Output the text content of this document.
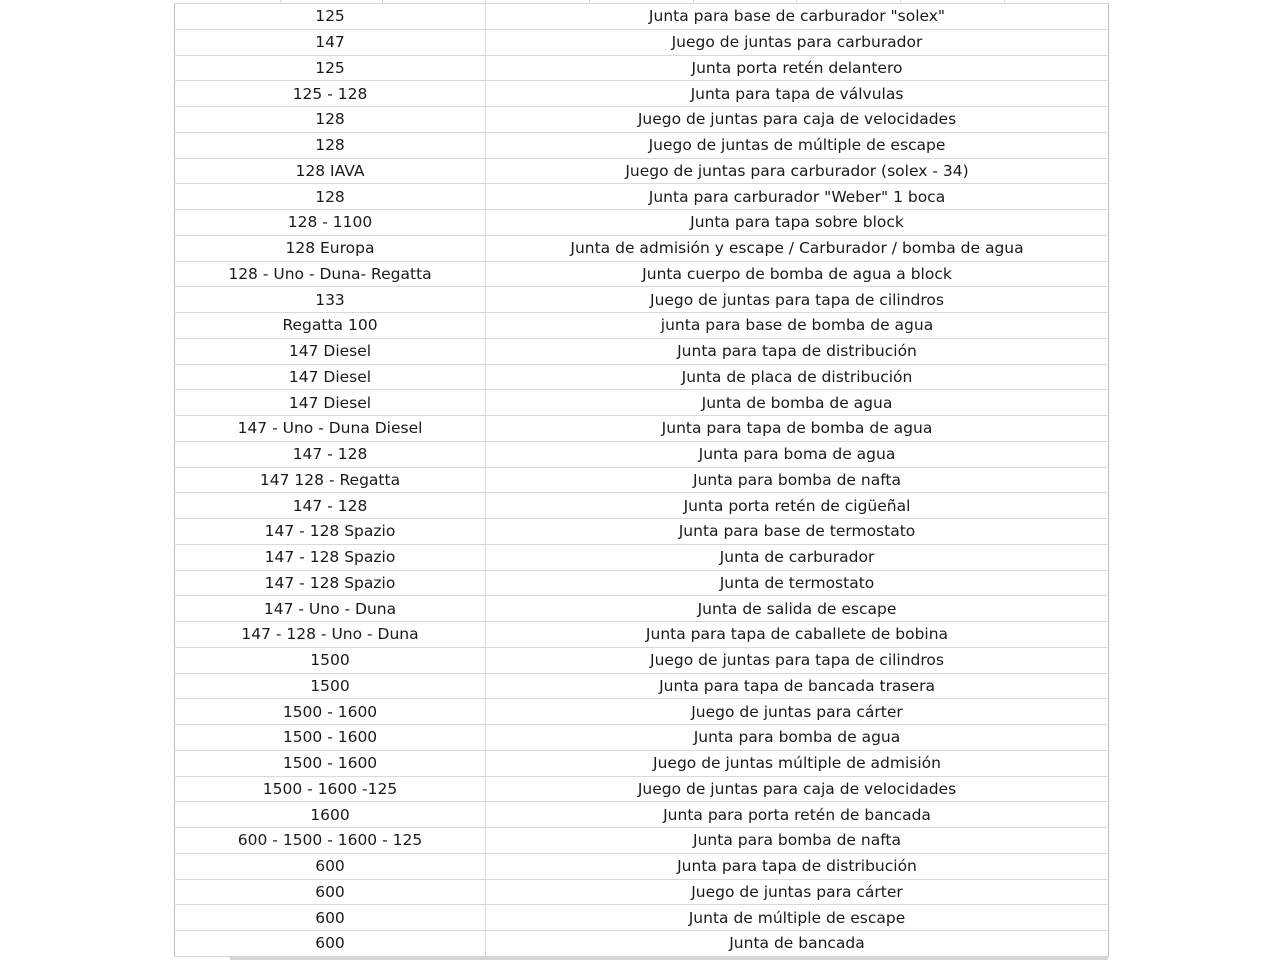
125	Junta para base de carburador "solex"
147	Juego de juntas para carburador
125	Junta porta retén delantero
125 - 128	Junta para tapa de válvulas
128	Juego de juntas para caja de velocidades
128	Juego de juntas de múltiple de escape
128 IAVA	Juego de juntas para carburador (solex - 34)
128	Junta para carburador "Weber" 1 boca
128 - 1100	Junta para tapa sobre block
128 Europa	Junta de admisión y escape / Carburador / bomba de agua
128 - Uno - Duna- Regatta	Junta cuerpo de bomba de agua a block
133	Juego de juntas para tapa de cilindros
Regatta 100	junta para base de bomba de agua
147 Diesel	Junta para tapa de distribución
147 Diesel	Junta de placa de distribución
147 Diesel	Junta de bomba de agua
147 - Uno - Duna Diesel	Junta para tapa de bomba de agua
147 - 128	Junta para boma de agua
147 128 - Regatta	Junta para bomba de nafta
147 - 128	Junta porta retén de cigüeñal
147 - 128 Spazio	Junta para base de termostato
147 - 128 Spazio	Junta de carburador
147 - 128 Spazio	Junta de termostato
147 - Uno - Duna	Junta de salida de escape
147 - 128 - Uno - Duna	Junta para tapa de caballete de bobina
1500	Juego de juntas para tapa de cilindros
1500	Junta para tapa de bancada trasera
1500 - 1600	Juego de juntas para cárter
1500 - 1600	Junta para bomba de agua
1500 - 1600	Juego de juntas múltiple de admisión
1500 - 1600 -125	Juego de juntas para caja de velocidades
1600	Junta para porta retén de bancada
600 - 1500 - 1600 - 125	Junta para bomba de nafta
600	Junta para tapa de distribución
600	Juego de juntas para cárter
600	Junta de múltiple de escape
600	Junta de bancada
